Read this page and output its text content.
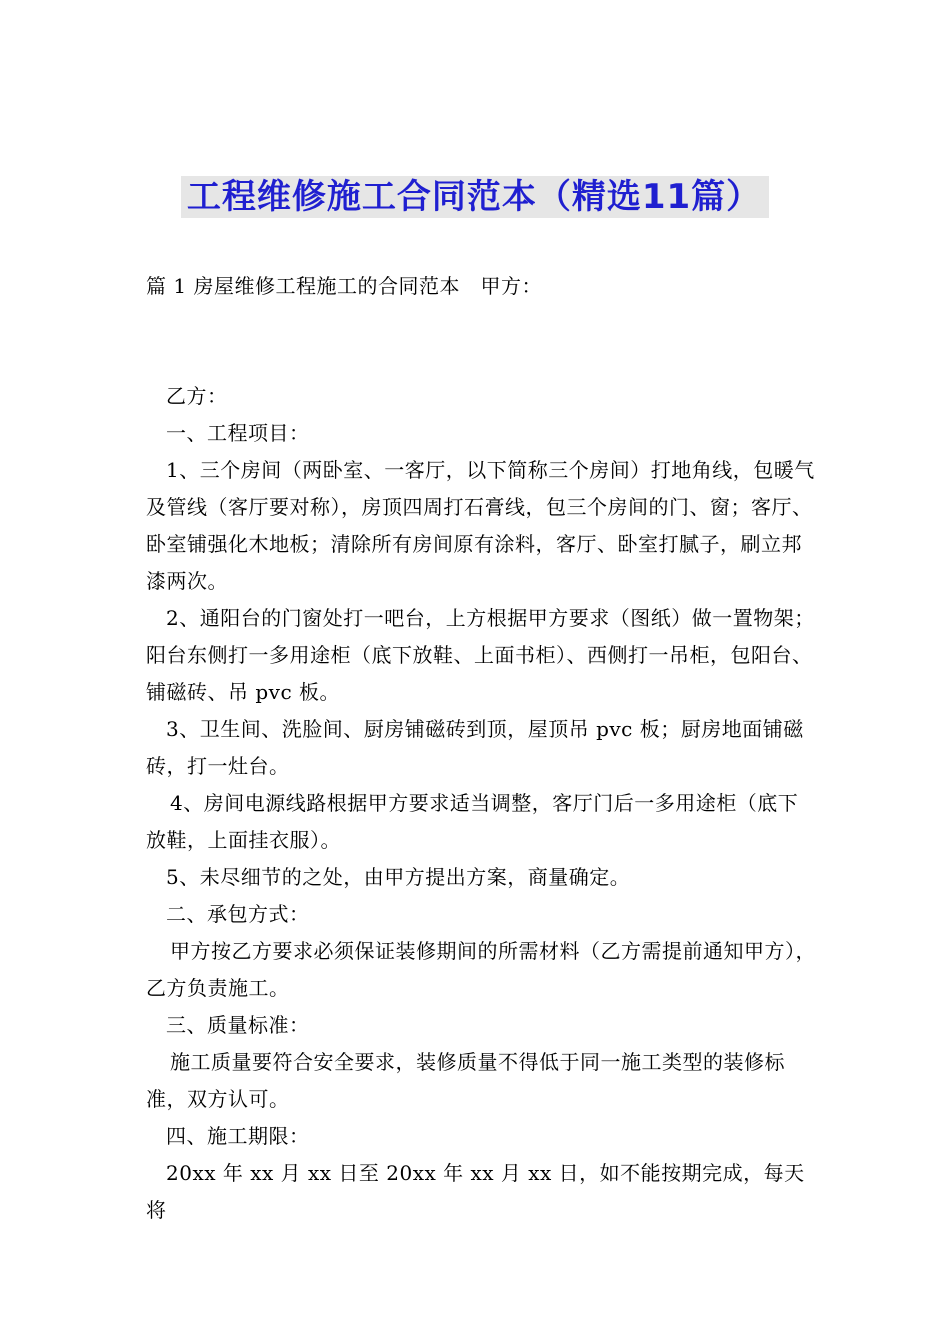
工程维修施工合同范本（精选11篇）
篇 1 房屋维修工程施工的合同范本　甲方：

乙方：

一、工程项目：

1、三个房间（两卧室、一客厅，以下简称三个房间）打地角线，包暖气及管线（客厅要对称），房顶四周打石膏线，包三个房间的门、窗；客厅、卧室铺强化木地板；清除所有房间原有涂料，客厅、卧室打腻子，刷立邦漆两次。

2、通阳台的门窗处打一吧台，上方根据甲方要求（图纸）做一置物架；阳台东侧打一多用途柜（底下放鞋、上面书柜）、西侧打一吊柜，包阳台、铺磁砖、吊 pvc 板。

3、卫生间、洗脸间、厨房铺磁砖到顶，屋顶吊 pvc 板；厨房地面铺磁砖，打一灶台。

4、房间电源线路根据甲方要求适当调整，客厅门后一多用途柜（底下放鞋，上面挂衣服）。

5、未尽细节的之处，由甲方提出方案，商量确定。

二、承包方式：

甲方按乙方要求必须保证装修期间的所需材料（乙方需提前通知甲方），乙方负责施工。

三、质量标准：

施工质量要符合安全要求，装修质量不得低于同一施工类型的装修标准，双方认可。

四、施工期限：

20xx 年 xx 月 xx 日至 20xx 年 xx 月 xx 日，如不能按期完成，每天将
